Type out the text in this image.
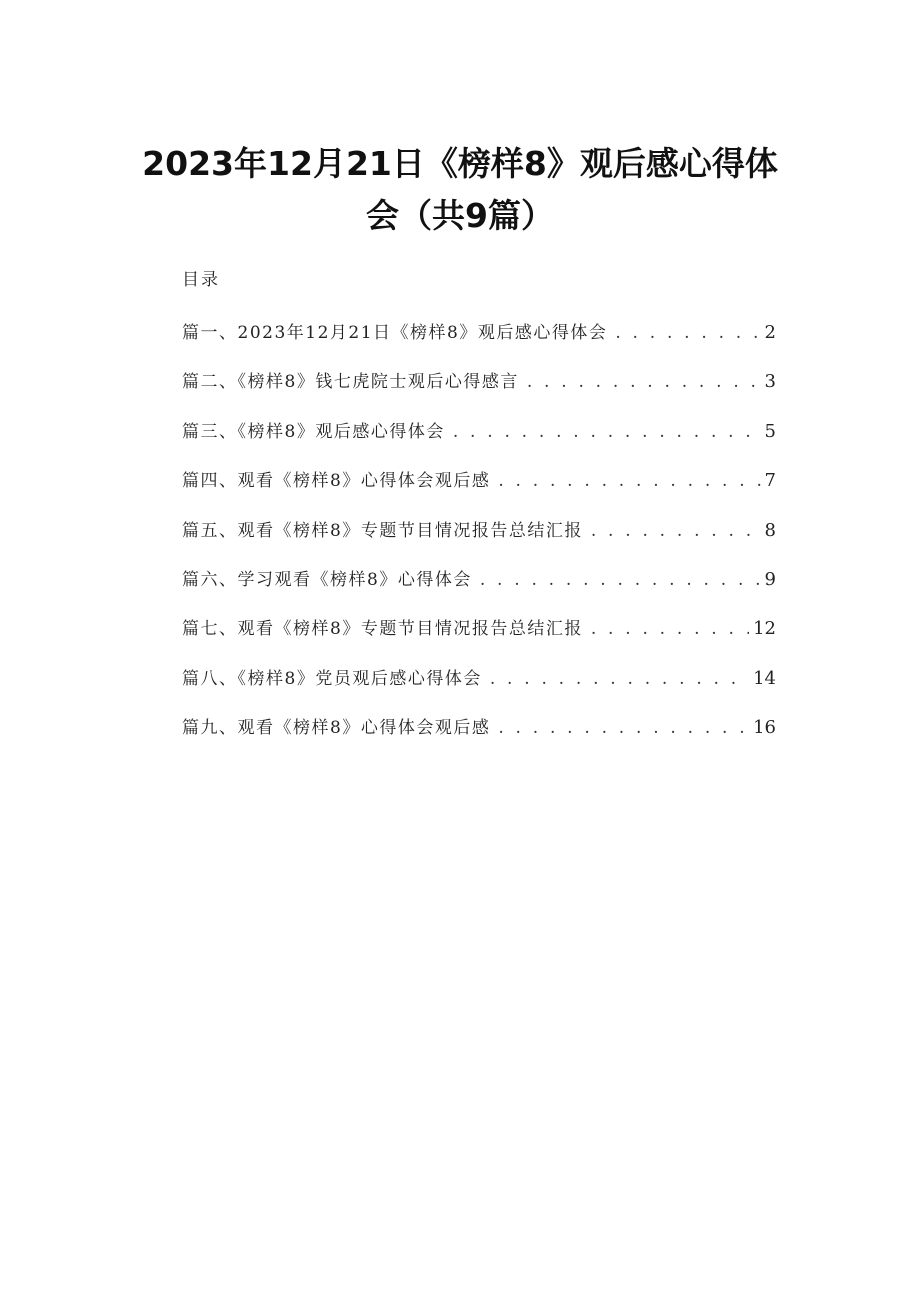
2023年12月21日《榜样8》观后感心得体
会（共9篇）
目录
篇一、2023年12月21日《榜样8》观后感心得体会 . . .	2
篇二、《榜样8》钱七虎院士观后心得感言 . . .	3
篇三、《榜样8》观后感心得体会 . . .	5
篇四、观看《榜样8》心得体会观后感 . . .	7
篇五、观看《榜样8》专题节目情况报告总结汇报 . . .	8
篇六、学习观看《榜样8》心得体会 . . .	9
篇七、观看《榜样8》专题节目情况报告总结汇报 . . .	12
篇八、《榜样8》党员观后感心得体会 . . .	14
篇九、观看《榜样8》心得体会观后感 . . .	16
